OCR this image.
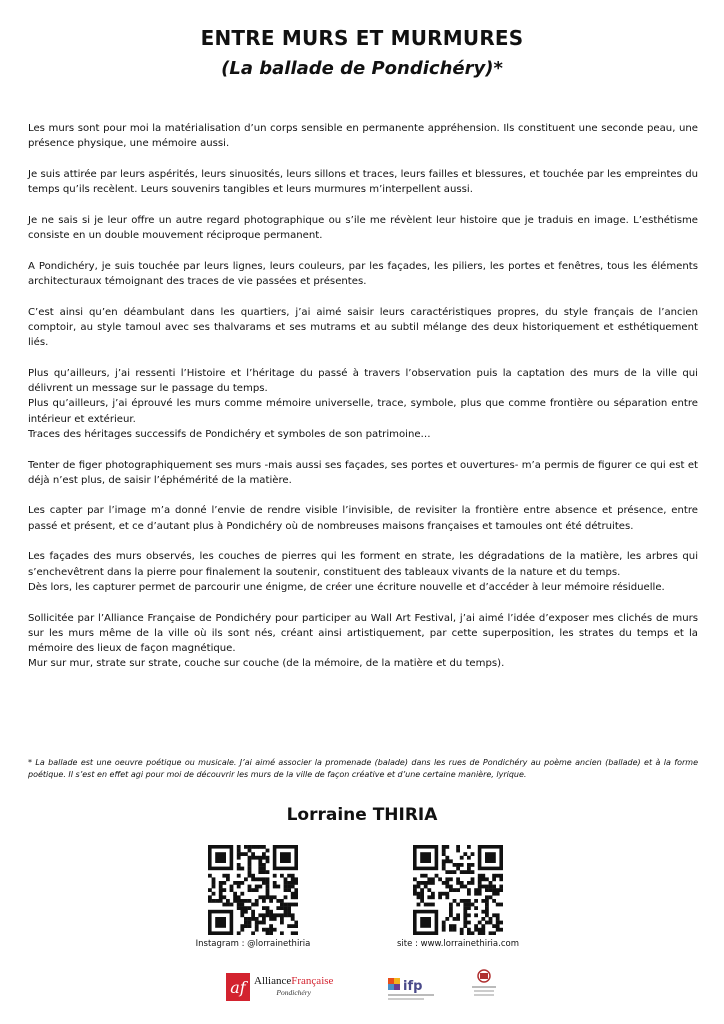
ENTRE MURS ET MURMURES
(La ballade de Pondichéry)*

Les murs sont pour moi la matérialisation d’un corps sensible en permanente appréhension. Ils constituent une seconde peau, une présence physique, une mémoire aussi.

Je suis attirée par leurs aspérités, leurs sinuosités, leurs sillons et traces, leurs failles et blessures, et touchée par les empreintes du temps qu’ils recèlent. Leurs souvenirs tangibles et leurs murmures m’interpellent aussi.

Je ne sais si je leur offre un autre regard photographique ou s’ile me révèlent leur histoire que je traduis en image. L’esthétisme consiste en un double mouvement réciproque permanent.

A Pondichéry, je suis touchée par leurs lignes, leurs couleurs, par les façades, les piliers, les portes et fenêtres, tous les éléments architecturaux témoignant des traces de vie passées et présentes.

C’est ainsi qu’en déambulant dans les quartiers, j’ai aimé saisir leurs caractéristiques propres, du style français de l’ancien comptoir, au style tamoul avec ses thalvarams et ses mutrams et au subtil mélange des deux historiquement et esthétiquement liés.

Plus qu’ailleurs, j’ai ressenti l’Histoire et l’héritage du passé à travers l’observation puis la captation des murs de la ville qui délivrent un message sur le passage du temps.
Plus qu’ailleurs, j’ai éprouvé les murs comme mémoire universelle, trace, symbole, plus que comme frontière ou séparation entre intérieur et extérieur.
Traces des héritages successifs de Pondichéry et symboles de son patrimoine…

Tenter de figer photographiquement ses murs -mais aussi ses façades, ses portes et ouvertures- m’a permis de figurer ce qui est et déjà n’est plus, de saisir l’éphémérité de la matière.

Les capter par l’image m’a donné l’envie de rendre visible l’invisible, de revisiter la frontière entre absence et présence, entre passé et présent, et ce d’autant plus à Pondichéry où de nombreuses maisons françaises et tamoules ont été détruites.

Les façades des murs observés, les couches de pierres qui les forment en strate, les dégradations de la matière, les arbres qui s’enchevêtrent dans la pierre pour finalement la soutenir, constituent des tableaux vivants de la nature et du temps.
Dès lors, les capturer permet de parcourir une énigme, de créer une écriture nouvelle et d’accéder à leur mémoire résiduelle.

Sollicitée par l’Alliance Française de Pondichéry pour participer au Wall Art Festival, j’ai aimé l’idée d’exposer mes clichés de murs sur les murs même de la ville où ils sont nés, créant ainsi artistiquement, par cette superposition, les strates du temps et la mémoire des lieux de façon magnétique.
Mur sur mur, strate sur strate, couche sur couche (de la mémoire, de la matière et du temps).

* La ballade est une oeuvre poétique ou musicale. J’ai aimé associer la promenade (balade) dans les rues de Pondichéry au poème ancien (ballade) et à la forme poétique. Il s’est en effet agi pour moi de découvrir les murs de la ville de façon créative et d’une certaine manière, lyrique.
Lorraine THIRIA
Instagram : @lorrainethiria	site : www.lorrainethiria.com
af AllianceFrançaise
Pondichéry	ifp
